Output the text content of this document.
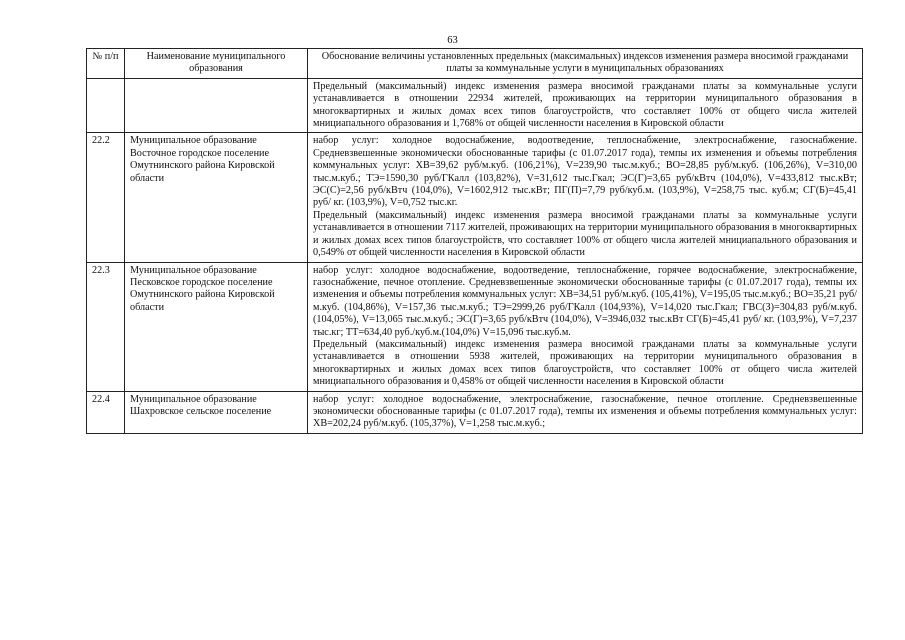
63
№ п/п	Наименование муниципального образования	Обоснование величины установленных предельных (максимальных) индексов изменения размера вносимой гражданами платы за коммунальные услуги в муниципальных образованиях

		Предельный (максимальный) индекс изменения размера вносимой гражданами платы за коммунальные услуги устанавливается в отношении 22934 жителей, проживающих на территории муниципального образования в многоквартирных и жилых домах всех типов благоустройств, что составляет 100% от общего числа жителей мнициапального образования и 1,768% от общей численности населения в Кировской области

22.2	Муниципальное образование Восточное городское поселение Омутнинского района Кировской области	набор услуг: холодное водоснабжение, водоотведение, теплоснабжение, электроснабжение, газоснабжение. Средневзвешенные экономически обоснованные тарифы (с 01.07.2017 года), темпы их изменения и объемы потребления коммунальных услуг: ХВ=39,62 руб/м.куб. (106,21%), V=239,90 тыс.м.куб.; ВО=28,85 руб/м.куб. (106,26%), V=310,00 тыс.м.куб.; ТЭ=1590,30 руб/ГКалл (103,82%), V=31,612 тыс.Гкал; ЭС(Г)=3,65 руб/кВтч (104,0%), V=433,812 тыс.кВт; ЭС(С)=2,56 руб/кВтч (104,0%), V=1602,912 тыс.кВт; ПГ(П)=7,79 руб/куб.м. (103,9%), V=258,75 тыс. куб.м; СГ(Б)=45,41 руб/ кг. (103,9%), V=0,752 тыс.кг.

Предельный (максимальный) индекс изменения размера вносимой гражданами платы за коммунальные услуги устанавливается в отношении 7117 жителей, проживающих на территории муниципального образования в многоквартирных и жилых домах всех типов благоустройств, что составляет 100% от общего числа жителей мнициапального образования и 0,549% от общей численности населения в Кировской области

22.3	Муниципальное образование Песковское городское поселение Омутнинского района Кировской области	набор услуг: холодное водоснабжение, водоотведение, теплоснабжение, горячее водоснабжение, электроснабжение, газоснабжение, печное отопление. Средневзвешенные экономически обоснованные тарифы (с 01.07.2017 года), темпы их изменения и объемы потребления коммунальных услуг: ХВ=34,51 руб/м.куб. (105,41%), V=195,05 тыс.м.куб.; ВО=35,21 руб/м.куб. (104,86%), V=157,36 тыс.м.куб.; ТЭ=2999,26 руб/ГКалл (104,93%), V=14,020 тыс.Гкал; ГВС(З)=304,83 руб/м.куб. (104,05%), V=13,065 тыс.м.куб.; ЭС(Г)=3,65 руб/кВтч (104,0%), V=3946,032 тыс.кВт СГ(Б)=45,41 руб/ кг. (103,9%), V=7,237 тыс.кг; ТТ=634,40 руб./куб.м.(104,0%) V=15,096 тыс.куб.м.

Предельный (максимальный) индекс изменения размера вносимой гражданами платы за коммунальные услуги устанавливается в отношении 5938 жителей, проживающих на территории муниципального образования в многоквартирных и жилых домах всех типов благоустройств, что составляет 100% от общего числа жителей мнициапального образования и 0,458% от общей численности населения в Кировской области

22.4	Муниципальное образование Шахровское сельское поселение	набор услуг: холодное водоснабжение, электроснабжение, газоснабжение, печное отопление. Средневзвешенные экономически обоснованные тарифы (с 01.07.2017 года), темпы их изменения и объемы потребления коммунальных услуг: ХВ=202,24 руб/м.куб. (105,37%), V=1,258 тыс.м.куб.;
